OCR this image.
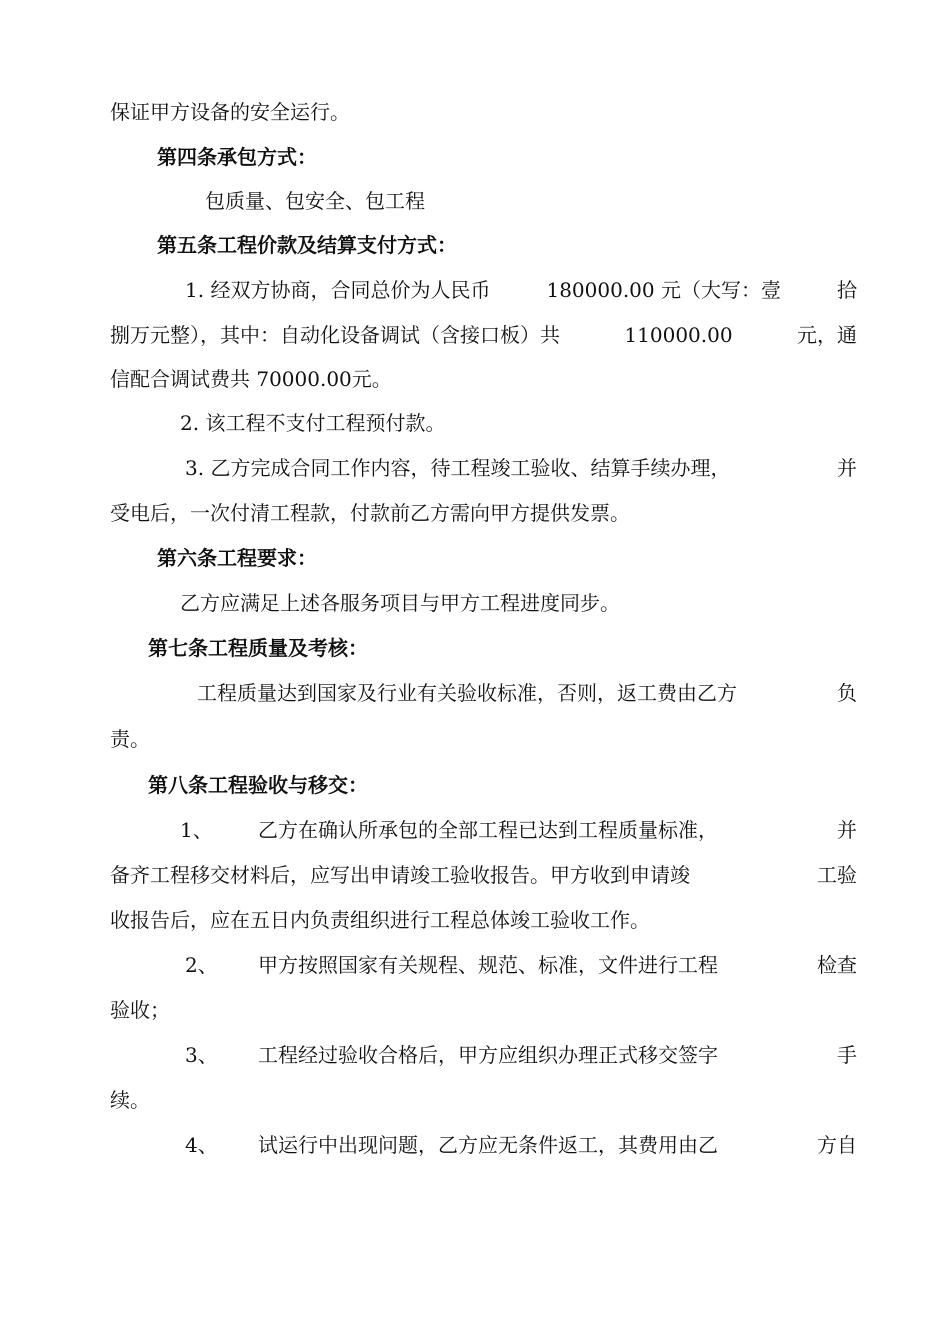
保证甲方设备的安全运行。
第四条承包方式：
包质量、包安全、包工程
第五条工程价款及结算支付方式：
1. 经双方协商，合同总价为人民币	180000.00 元（大写：壹	拾
捌万元整），其中：自动化设备调试（含接口板）共	110000.00	元，通
信配合调试费共 70000.00元。
2. 该工程不支付工程预付款。
3. 乙方完成合同工作内容，待工程竣工验收、结算手续办理，	并
受电后，一次付清工程款，付款前乙方需向甲方提供发票。
第六条工程要求：
乙方应满足上述各服务项目与甲方工程进度同步。
第七条工程质量及考核：
工程质量达到国家及行业有关验收标准，否则，返工费由乙方	负
责。
第八条工程验收与移交：
1、 乙方在确认所承包的全部工程已达到工程质量标准，	并
备齐工程移交材料后，应写出申请竣工验收报告。甲方收到申请竣	工验
收报告后，应在五日内负责组织进行工程总体竣工验收工作。
2、 甲方按照国家有关规程、规范、标准，文件进行工程	检查
验收；
3、 工程经过验收合格后，甲方应组织办理正式移交签字	手
续。
4、 试运行中出现问题，乙方应无条件返工，其费用由乙	方自
